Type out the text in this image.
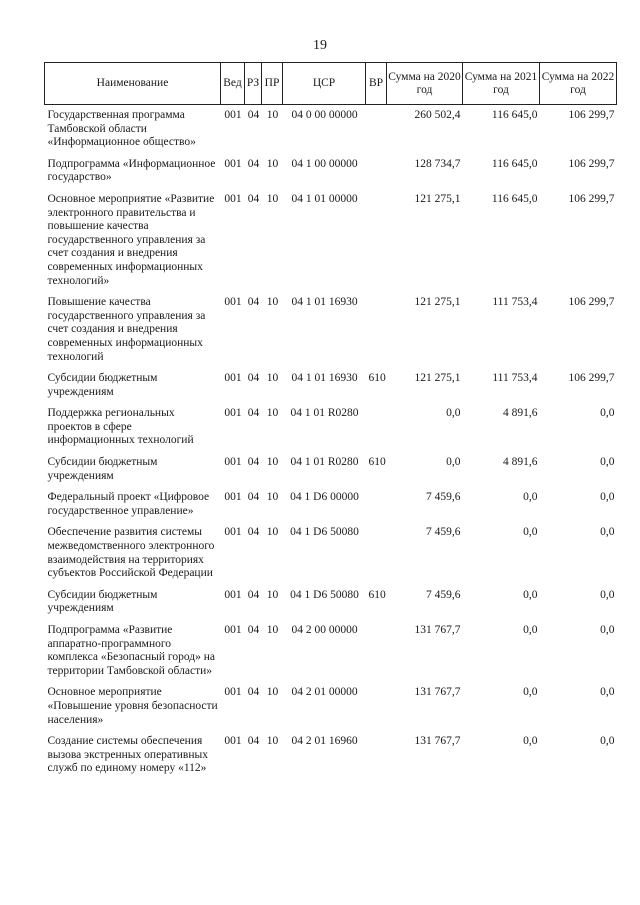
19
Наименование	Вед	РЗ	ПР	ЦСР	ВР	Сумма на 2020 год	Сумма на 2021 год	Сумма на 2022 год
Государственная программа Тамбовской области «Информационное общество»	001	04	10	04 0 00 00000		260 502,4	116 645,0	106 299,7
Подпрограмма «Информационное государство»	001	04	10	04 1 00 00000		128 734,7	116 645,0	106 299,7
Основное мероприятие «Развитие электронного правительства и повышение качества государственного управления за счет создания и внедрения современных информационных технологий»	001	04	10	04 1 01 00000		121 275,1	116 645,0	106 299,7
Повышение качества государственного управления за счет создания и внедрения современных информационных технологий	001	04	10	04 1 01 16930		121 275,1	111 753,4	106 299,7
Субсидии бюджетным учреждениям	001	04	10	04 1 01 16930	610	121 275,1	111 753,4	106 299,7
Поддержка региональных проектов в сфере информационных технологий	001	04	10	04 1 01 R0280		0,0	4 891,6	0,0
Субсидии бюджетным учреждениям	001	04	10	04 1 01 R0280	610	0,0	4 891,6	0,0
Федеральный проект «Цифровое государственное управление»	001	04	10	04 1 D6 00000		7 459,6	0,0	0,0
Обеспечение развития системы межведомственного электронного взаимодействия на территориях субъектов Российской Федерации	001	04	10	04 1 D6 50080		7 459,6	0,0	0,0
Субсидии бюджетным учреждениям	001	04	10	04 1 D6 50080	610	7 459,6	0,0	0,0
Подпрограмма «Развитие аппаратно-программного комплекса «Безопасный город» на территории Тамбовской области»	001	04	10	04 2 00 00000		131 767,7	0,0	0,0
Основное мероприятие «Повышение уровня безопасности населения»	001	04	10	04 2 01 00000		131 767,7	0,0	0,0
Создание системы обеспечения вызова экстренных оперативных служб по единому номеру «112»	001	04	10	04 2 01 16960		131 767,7	0,0	0,0
